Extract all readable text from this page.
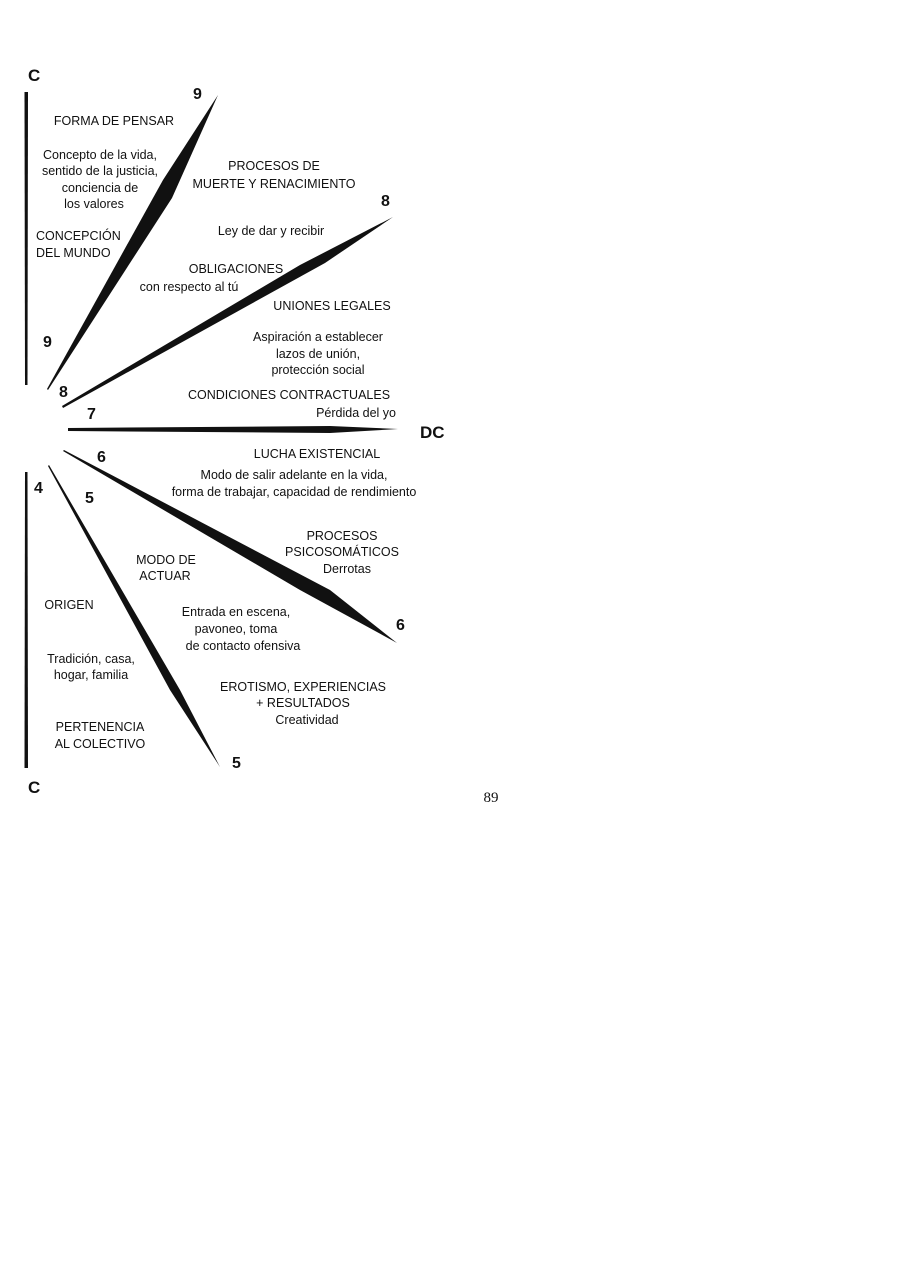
C
C
DC
9
9
8
8
7
6
6
5
5
4
FORMA DE PENSAR
Concepto de la vida,
sentido de la justicia,
conciencia de
los valores
CONCEPCIÓN
DEL MUNDO
PROCESOS DE
MUERTE Y RENACIMIENTO
Ley de dar y recibir
OBLIGACIONES
con respecto al tú
UNIONES LEGALES
Aspiración a establecer
lazos de unión,
protección social
CONDICIONES CONTRACTUALES
Pérdida del yo
LUCHA EXISTENCIAL
Modo de salir adelante en la vida,
forma de trabajar, capacidad de rendimiento
PROCESOS
PSICOSOMÁTICOS
Derrotas
MODO DE
ACTUAR
Entrada en escena,
pavoneo, toma
de contacto ofensiva
EROTISMO, EXPERIENCIAS
+ RESULTADOS
Creatividad
ORIGEN
Tradición, casa,
hogar, familia
PERTENENCIA
AL COLECTIVO
89
